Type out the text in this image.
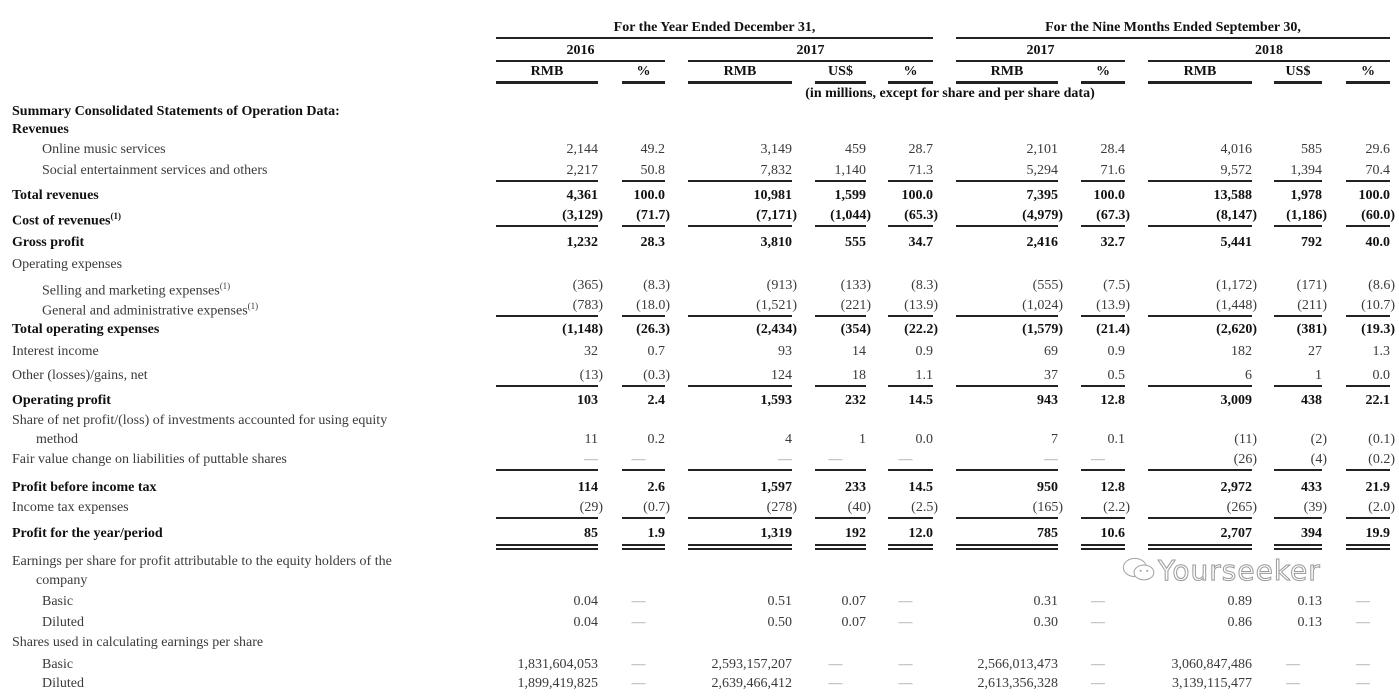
For the Year Ended December 31,	For the Nine Months Ended September 30,
2016	2017	2017	2018
RMB	%	RMB	US$	%	RMB	%	RMB	US$	%
(in millions, except for share and per share data)
Summary Consolidated Statements of Operation Data:
Revenues
Online music services	2,144	49.2	3,149	459	28.7	2,101	28.4	4,016	585	29.6
Social entertainment services and others	2,217	50.8	7,832	1,140	71.3	5,294	71.6	9,572	1,394	70.4
Total revenues	4,361	100.0	10,981	1,599	100.0	7,395	100.0	13,588	1,978	100.0
Cost of revenues$^{(1)}$	(3,129)	(71.7)	(7,171)	(1,044)	(65.3)	(4,979)	(67.3)	(8,147)	(1,186)	(60.0)
Gross profit	1,232	28.3	3,810	555	34.7	2,416	32.7	5,441	792	40.0
Operating expenses
Selling and marketing expenses$^{(1)}$	(365)	(8.3)	(913)	(133)	(8.3)	(555)	(7.5)	(1,172)	(171)	(8.6)
General and administrative expenses$^{(1)}$	(783)	(18.0)	(1,521)	(221)	(13.9)	(1,024)	(13.9)	(1,448)	(211)	(10.7)
Total operating expenses	(1,148)	(26.3)	(2,434)	(354)	(22.2)	(1,579)	(21.4)	(2,620)	(381)	(19.3)
Interest income	32	0.7	93	14	0.9	69	0.9	182	27	1.3
Other (losses)/gains, net	(13)	(0.3)	124	18	1.1	37	0.5	6	1	0.0
Operating profit	103	2.4	1,593	232	14.5	943	12.8	3,009	438	22.1
Share of net profit/(loss) of investments accounted for using equity
method	11	0.2	4	1	0.0	7	0.1	(11)	(2)	(0.1)
Fair value change on liabilities of puttable shares	—	—	—	—	—	—	—	(26)	(4)	(0.2)
Profit before income tax	114	2.6	1,597	233	14.5	950	12.8	2,972	433	21.9
Income tax expenses	(29)	(0.7)	(278)	(40)	(2.5)	(165)	(2.2)	(265)	(39)	(2.0)
Profit for the year/period	85	1.9	1,319	192	12.0	785	10.6	2,707	394	19.9
Earnings per share for profit attributable to the equity holders of the
company
Basic	0.04	—	0.51	0.07	—	0.31	—	0.89	0.13	—
Diluted	0.04	—	0.50	0.07	—	0.30	—	0.86	0.13	—
Shares used in calculating earnings per share
Basic	1,831,604,053	—	2,593,157,207	—	—	2,566,013,473	—	3,060,847,486	—	—
Diluted	1,899,419,825	—	2,639,466,412	—	—	2,613,356,328	—	3,139,115,477	—	—
Yourseeker
